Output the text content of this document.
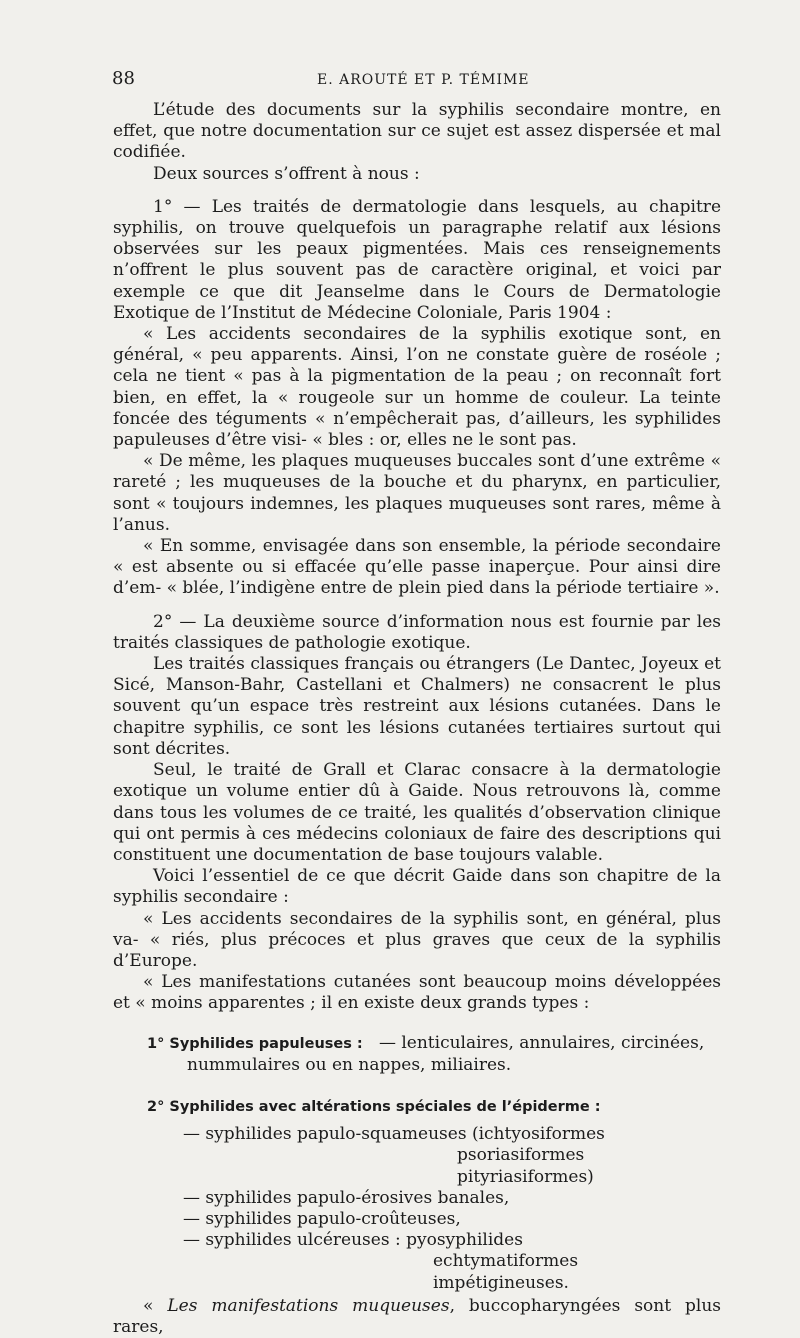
88	E. AROUTÉ ET P. TÉMIME
L’étude des documents sur la syphilis secondaire montre, en effet, que notre documentation sur ce sujet est assez dispersée et mal codifiée.
Deux sources s’offrent à nous :
1° — Les traités de dermatologie dans lesquels, au chapitre syphilis, on trouve quelquefois un paragraphe relatif aux lésions observées sur les peaux pigmentées. Mais ces renseignements n’offrent le plus souvent pas de caractère original, et voici par exemple ce que dit Jeanselme dans le Cours de Dermatologie Exotique de l’Institut de Médecine Coloniale, Paris 1904 :
« Les accidents secondaires de la syphilis exotique sont, en général, « peu apparents. Ainsi, l’on ne constate guère de roséole ; cela ne tient « pas à la pigmentation de la peau ; on reconnaît fort bien, en effet, la « rougeole sur un homme de couleur. La teinte foncée des téguments « n’empêcherait pas, d’ailleurs, les syphilides papuleuses d’être visi- « bles : or, elles ne le sont pas.
« De même, les plaques muqueuses buccales sont d’une extrême « rareté ; les muqueuses de la bouche et du pharynx, en particulier, sont « toujours indemnes, les plaques muqueuses sont rares, même à l’anus.
« En somme, envisagée dans son ensemble, la période secondaire « est absente ou si effacée qu’elle passe inaperçue. Pour ainsi dire d’em- « blée, l’indigène entre de plein pied dans la période tertiaire ».
2° — La deuxième source d’information nous est fournie par les traités classiques de pathologie exotique.
Les traités classiques français ou étrangers (Le Dantec, Joyeux et Sicé, Manson-Bahr, Castellani et Chalmers) ne consacrent le plus souvent qu’un espace très restreint aux lésions cutanées. Dans le chapitre syphilis, ce sont les lésions cutanées tertiaires surtout qui sont décrites.
Seul, le traité de Grall et Clarac consacre à la dermatologie exotique un volume entier dû à Gaide. Nous retrouvons là, comme dans tous les volumes de ce traité, les qualités d’observation clinique qui ont permis à ces médecins coloniaux de faire des descriptions qui constituent une documentation de base toujours valable.
Voici l’essentiel de ce que décrit Gaide dans son chapitre de la syphilis secondaire :
« Les accidents secondaires de la syphilis sont, en général, plus va- « riés, plus précoces et plus graves que ceux de la syphilis d’Europe.
« Les manifestations cutanées sont beaucoup moins développées et « moins apparentes ; il en existe deux grands types :
1° Syphilides papuleuses : — lenticulaires, annulaires, circinées,
nummulaires ou en nappes, miliaires.
2° Syphilides avec altérations spéciales de l’épiderme :
— syphilides papulo-squameuses (ichtyosiformes
psoriasiformes
pityriasiformes)
— syphilides papulo-érosives banales,
— syphilides papulo-croûteuses,
— syphilides ulcéreuses : pyosyphilides
echtymatiformes
impétigineuses.
« Les manifestations muqueuses, buccopharyngées sont plus rares,
